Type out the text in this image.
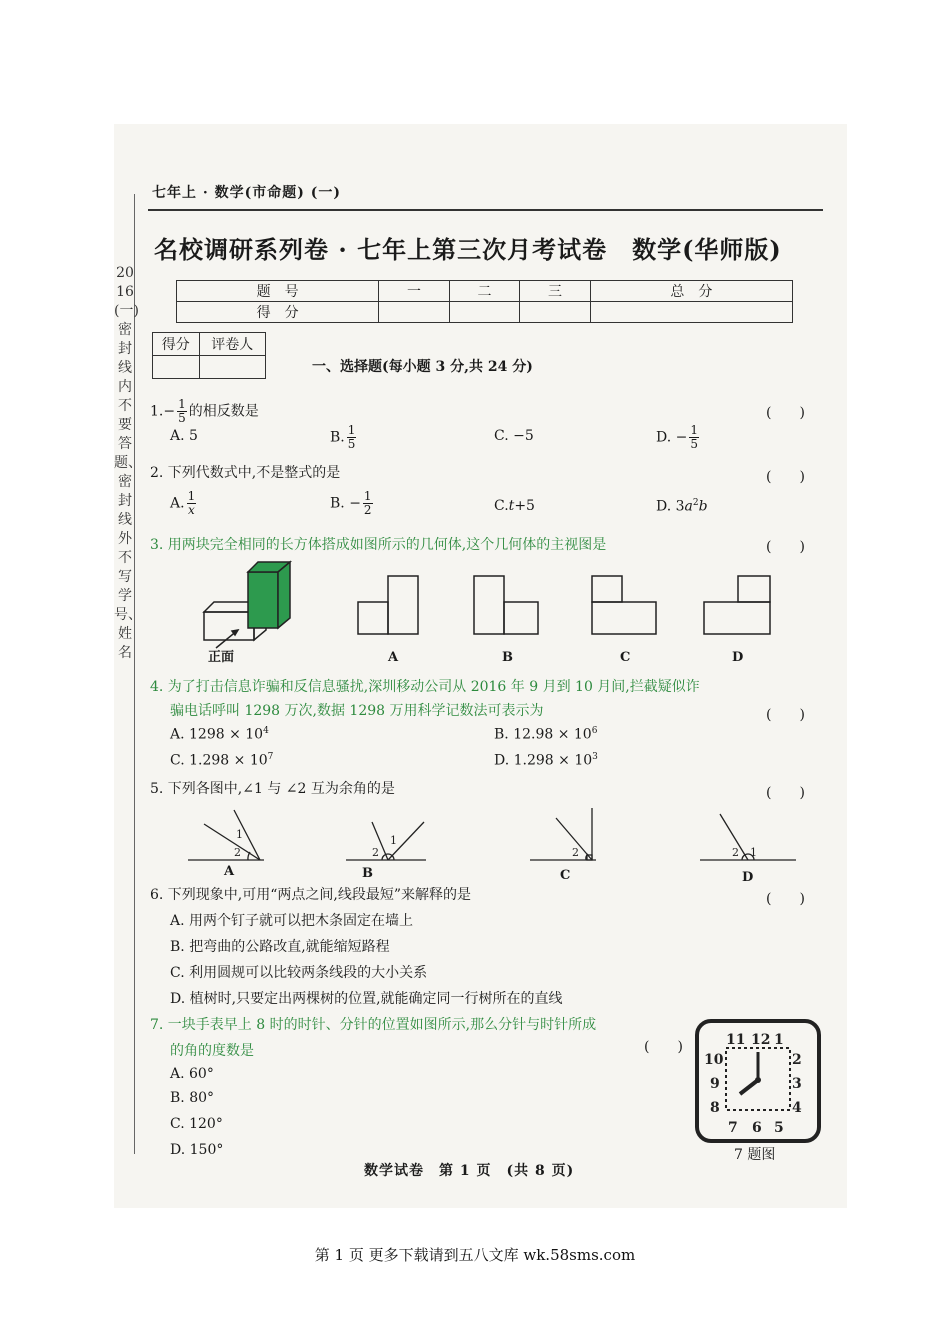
七年上 · 数学(市命题) (一)
2016(一)密封线内不要答题、密封线外不写学号、姓名
名校调研系列卷 · 七年上第三次月考试卷　数学(华师版)
题　号	一	二	三	总　分
得　分				
得分	评卷人

一、选择题(每小题 3 分,共 24 分)
$1.- \frac{1}{5}$ 的相反数是	(　　)
A. 5	B. $\frac{1}{5}$	C. −5	D. − $\frac{1}{5}$
2. 下列代数式中,不是整式的是	(　　)
A. $\frac{1}{x}$	B. − $\frac{1}{2}$	C.t+5	D. $3a^2b$
3. 用两块完全相同的长方体搭成如图所示的几何体,这个几何体的主视图是	(　　)
正面	A	B	C	D
4. 为了打击信息诈骗和反信息骚扰,深圳移动公司从 2016 年 9 月到 10 月间,拦截疑似诈
骗电话呼叫 1298 万次,数据 1298 万用科学记数法可表示为	(　　)
A. $1298 \times 10^4$	B. $12.98 \times 10^6$
C. $1.298 \times 10^7$	D. $1.298 \times 10^3$
5. 下列各图中,∠1 与 ∠2 互为余角的是	(　　)
1
2
1
2	2	1
2
A	B	C	D
6. 下列现象中,可用“两点之间,线段最短”来解释的是	(　　)
A. 用两个钉子就可以把木条固定在墙上
B. 把弯曲的公路改直,就能缩短路程
C. 利用圆规可以比较两条线段的大小关系
D. 植树时,只要定出两棵树的位置,就能确定同一行树所在的直线
7. 一块手表早上 8 时的时针、分针的位置如图所示,那么分针与时针所成
的角的度数是	(　　)
A. 60°
B. 80°
C. 120°
D. 150°
12 1
2
3
4
5
6
7
8
9
10
11
7 题图
数学试卷　第 1 页　(共 8 页)
第 1 页 更多下载请到五八文库 wk.58sms.com
